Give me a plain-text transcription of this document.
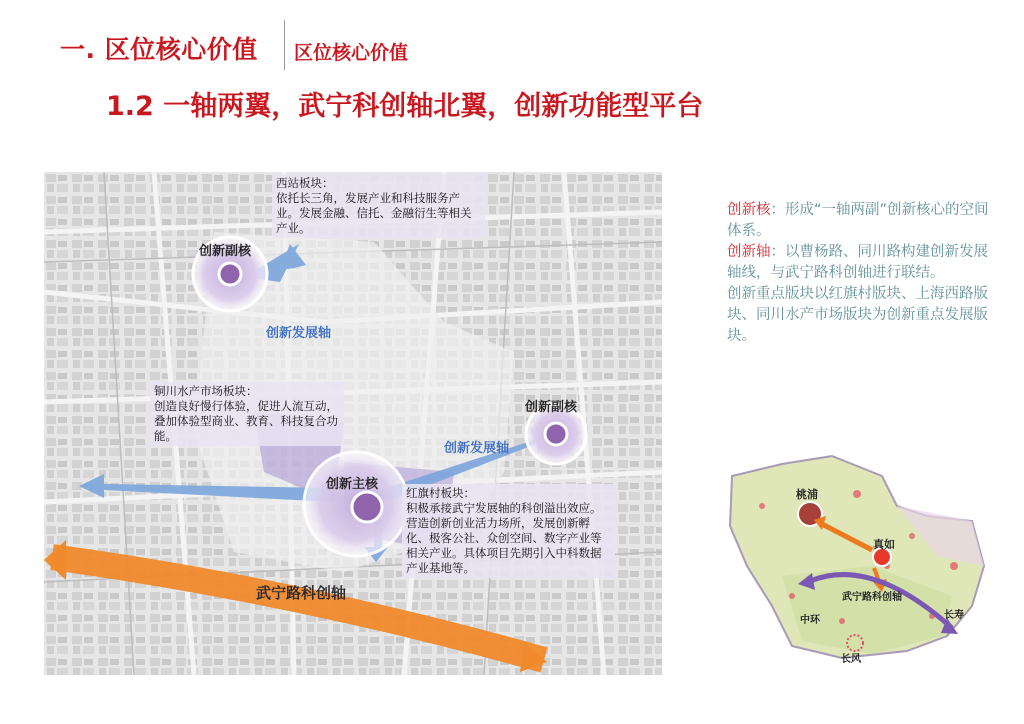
一. 区位核心价值 区位核心价值
1.2 一轴两翼，武宁科创轴北翼，创新功能型平台
创新主核
创新副核
创新副核
创新发展轴
创新发展轴
武宁路科创轴
西站板块：
依托长三角，发展产业和科技服务产业。发展金融、信托、金融衍生等相关产业。
铜川水产市场板块：
创造良好慢行体验，促进人流互动，叠加体验型商业、教育、科技复合功能。
红旗村板块：
积极承接武宁发展轴的科创溢出效应。营造创新创业活力场所，发展创新孵化、极客公社、众创空间、数字产业等相关产业。具体项目先期引入中科数据产业基地等。
创新核：形成“一轴两副”创新核心的空间体系。
创新轴：以曹杨路、同川路构建创新发展轴线，与武宁路科创轴进行联结。
创新重点版块以红旗村版块、上海西路版块、同川水产市场版块为创新重点发展版块。
桃浦
真如
武宁路科创轴
中环	长寿
长风
